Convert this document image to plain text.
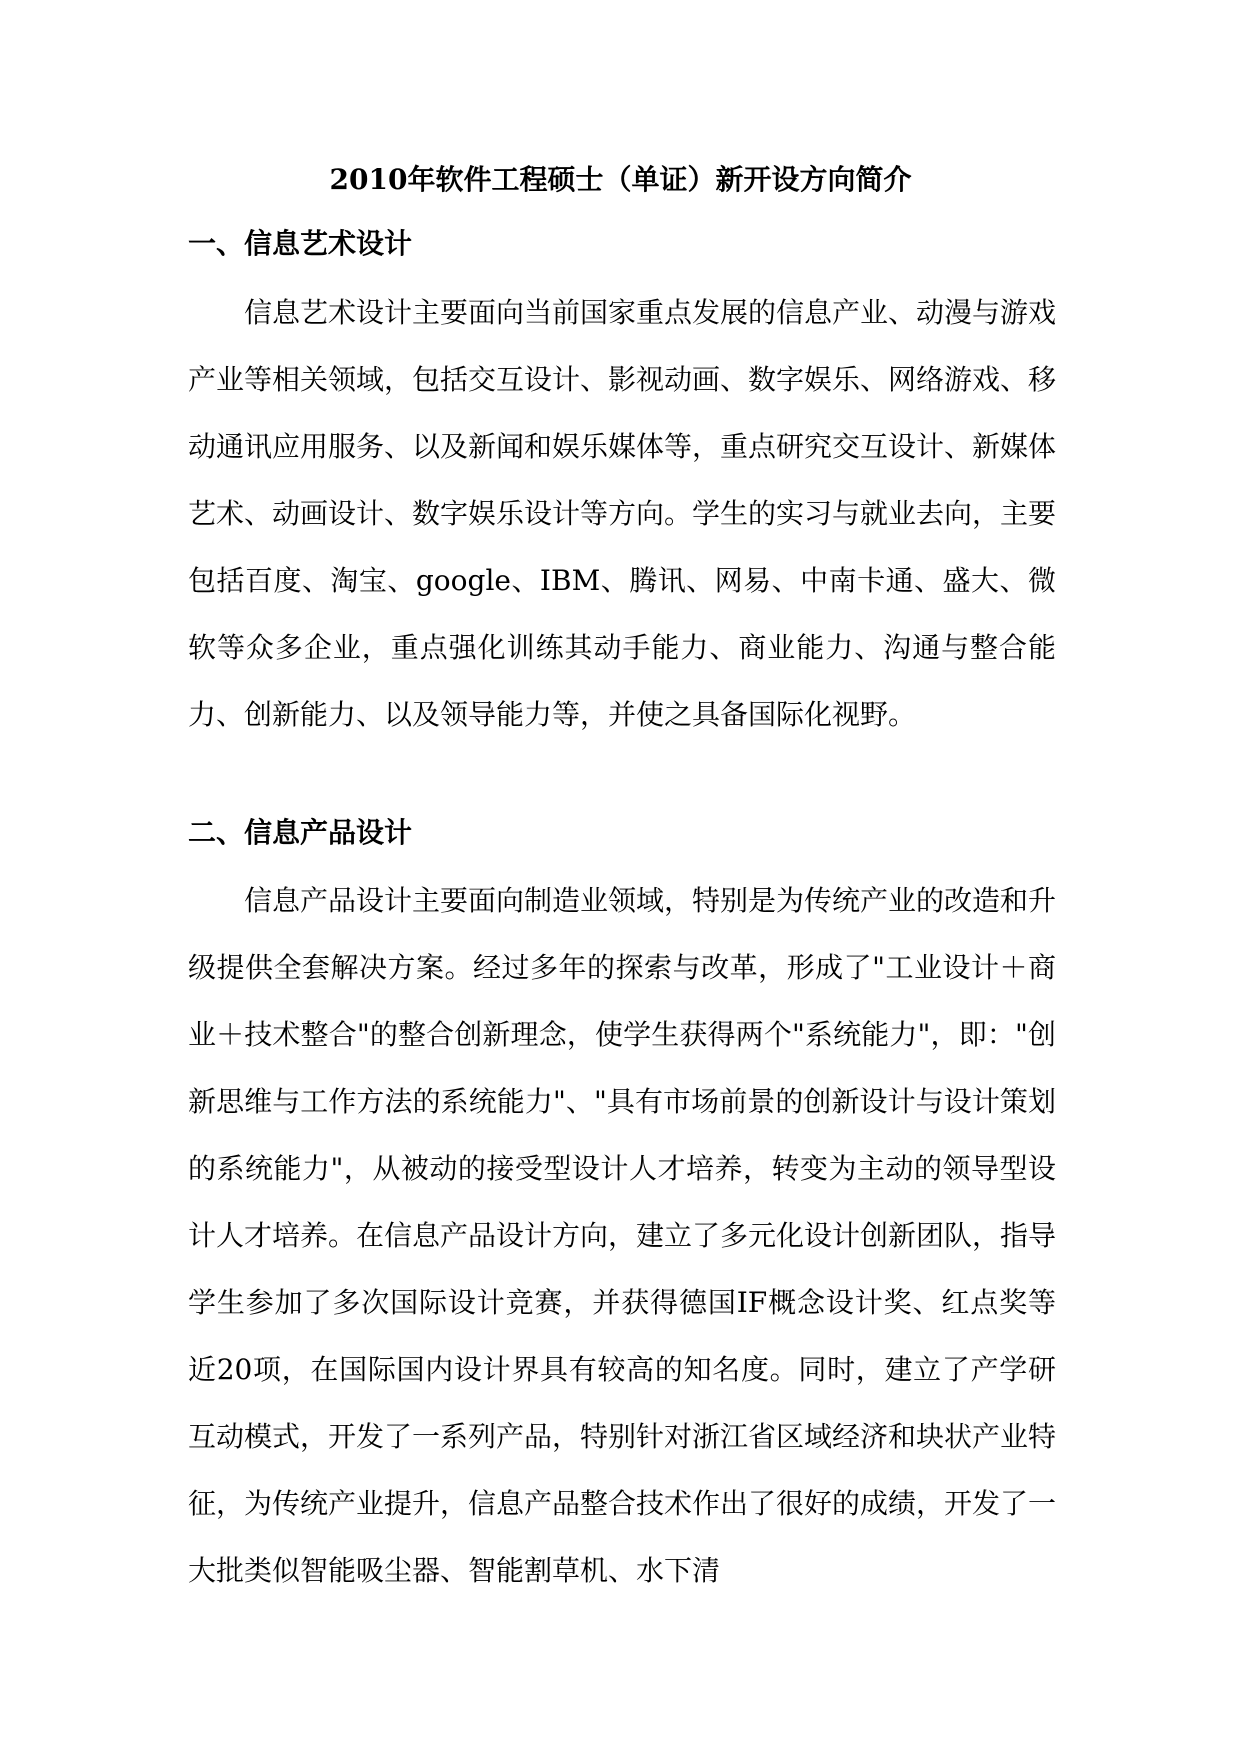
2010年软件工程硕士（单证）新开设方向简介
一、信息艺术设计

信息艺术设计主要面向当前国家重点发展的信息产业、动漫与游戏产业等相关领域，包括交互设计、影视动画、数字娱乐、网络游戏、移动通讯应用服务、以及新闻和娱乐媒体等，重点研究交互设计、新媒体艺术、动画设计、数字娱乐设计等方向。学生的实习与就业去向，主要包括百度、淘宝、google、IBM、腾讯、网易、中南卡通、盛大、微软等众多企业，重点强化训练其动手能力、商业能力、沟通与整合能力、创新能力、以及领导能力等，并使之具备国际化视野。

二、信息产品设计

信息产品设计主要面向制造业领域，特别是为传统产业的改造和升级提供全套解决方案。经过多年的探索与改革，形成了"工业设计＋商业＋技术整合"的整合创新理念，使学生获得两个"系统能力"，即："创新思维与工作方法的系统能力"、"具有市场前景的创新设计与设计策划的系统能力"，从被动的接受型设计人才培养，转变为主动的领导型设计人才培养。在信息产品设计方向，建立了多元化设计创新团队，指导学生参加了多次国际设计竞赛，并获得德国IF概念设计奖、红点奖等近20项，在国际国内设计界具有较高的知名度。同时，建立了产学研互动模式，开发了一系列产品，特别针对浙江省区域经济和块状产业特征，为传统产业提升，信息产品整合技术作出了很好的成绩，开发了一大批类似智能吸尘器、智能割草机、水下清
